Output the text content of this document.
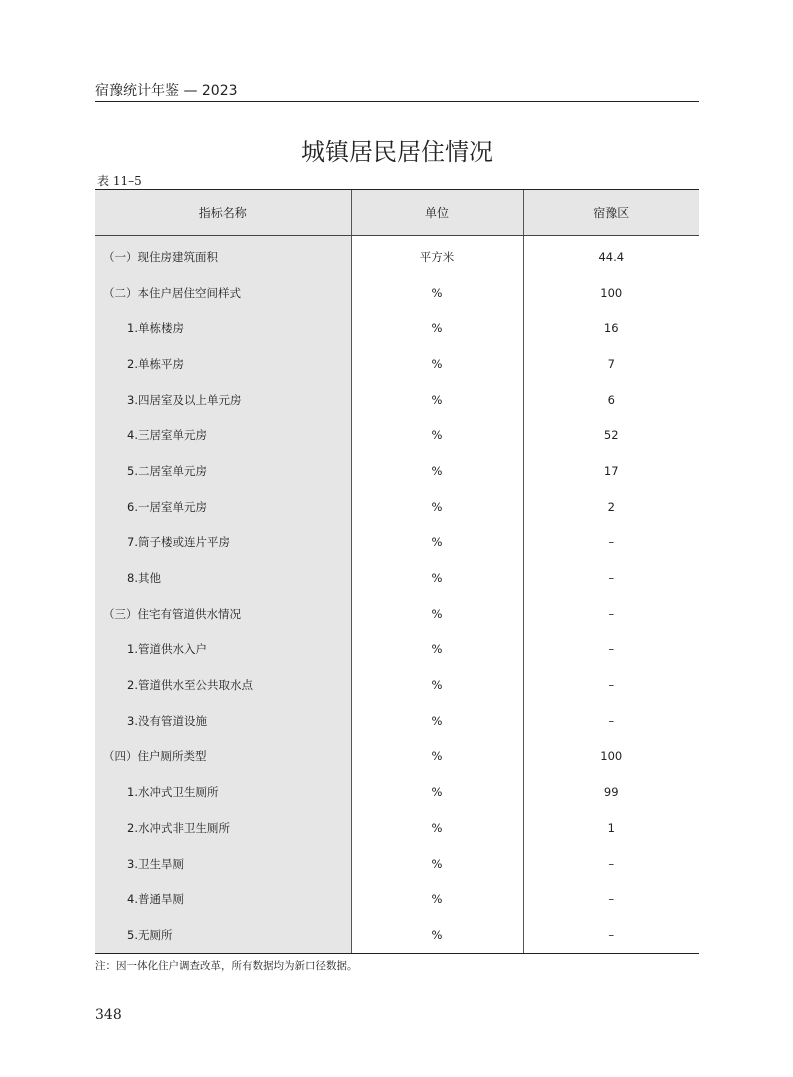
宿豫统计年鉴 — 2023
城镇居民居住情况
表 11–5
指标名称	单位	宿豫区
（一）现住房建筑面积	平方米	44.4
（二）本住户居住空间样式	%	100
1.单栋楼房	%	16
2.单栋平房	%	7
3.四居室及以上单元房	%	6
4.三居室单元房	%	52
5.二居室单元房	%	17
6.一居室单元房	%	2
7.筒子楼或连片平房	%	–
8.其他	%	–
（三）住宅有管道供水情况	%	–
1.管道供水入户	%	–
2.管道供水至公共取水点	%	–
3.没有管道设施	%	–
（四）住户厕所类型	%	100
1.水冲式卫生厕所	%	99
2.水冲式非卫生厕所	%	1
3.卫生旱厕	%	–
4.普通旱厕	%	–
5.无厕所	%	–
注：因一体化住户调查改革，所有数据均为新口径数据。
348
